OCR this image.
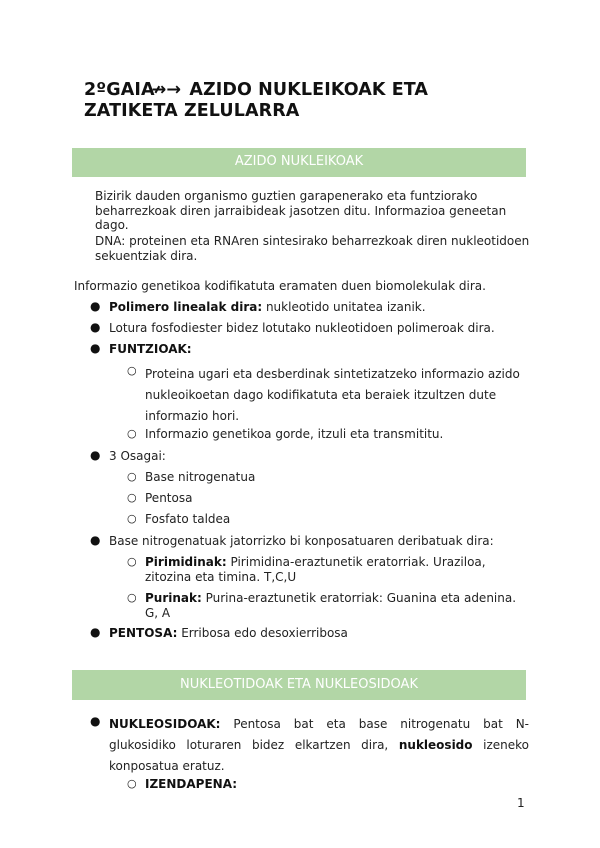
2ºGAIA↛→ AZIDO NUKLEIKOAK ETA
ZATIKETA ZELULARRA
AZIDO NUKLEIKOAK
Bizirik dauden organismo guztien garapenerako eta funtziorako beharrezkoak diren jarraibideak jasotzen ditu. Informazioa geneetan dago.
DNA: proteinen eta RNAren sintesirako beharrezkoak diren nukleotidoen sekuentziak dira.
Informazio genetikoa kodifikatuta eramaten duen biomolekulak dira.
● Polimero linealak dira: nukleotido unitatea izanik.
● Lotura fosfodiester bidez lotutako nukleotidoen polimeroak dira.
● FUNTZIOAK:
○ Proteina ugari eta desberdinak sintetizatzeko informazio azido nukleoikoetan dago kodifikatuta eta beraiek itzultzen dute informazio hori.
○ Informazio genetikoa gorde, itzuli eta transmititu.
● 3 Osagai:
○ Base nitrogenatua
○ Pentosa
○ Fosfato taldea
● Base nitrogenatuak jatorrizko bi konposatuaren deribatuak dira:
○ Pirimidinak: Pirimidina-eraztunetik eratorriak. Uraziloa, zitozina eta timina. T,C,U
○ Purinak: Purina-eraztunetik eratorriak: Guanina eta adenina. G, A
● PENTOSA: Erribosa edo desoxierribosa
NUKLEOTIDOAK ETA NUKLEOSIDOAK
● NUKLEOSIDOAK: Pentosa bat eta base nitrogenatu bat N-glukosidiko loturaren bidez elkartzen dira, nukleosido izeneko konposatua eratuz.
○ IZENDAPENA:
1
